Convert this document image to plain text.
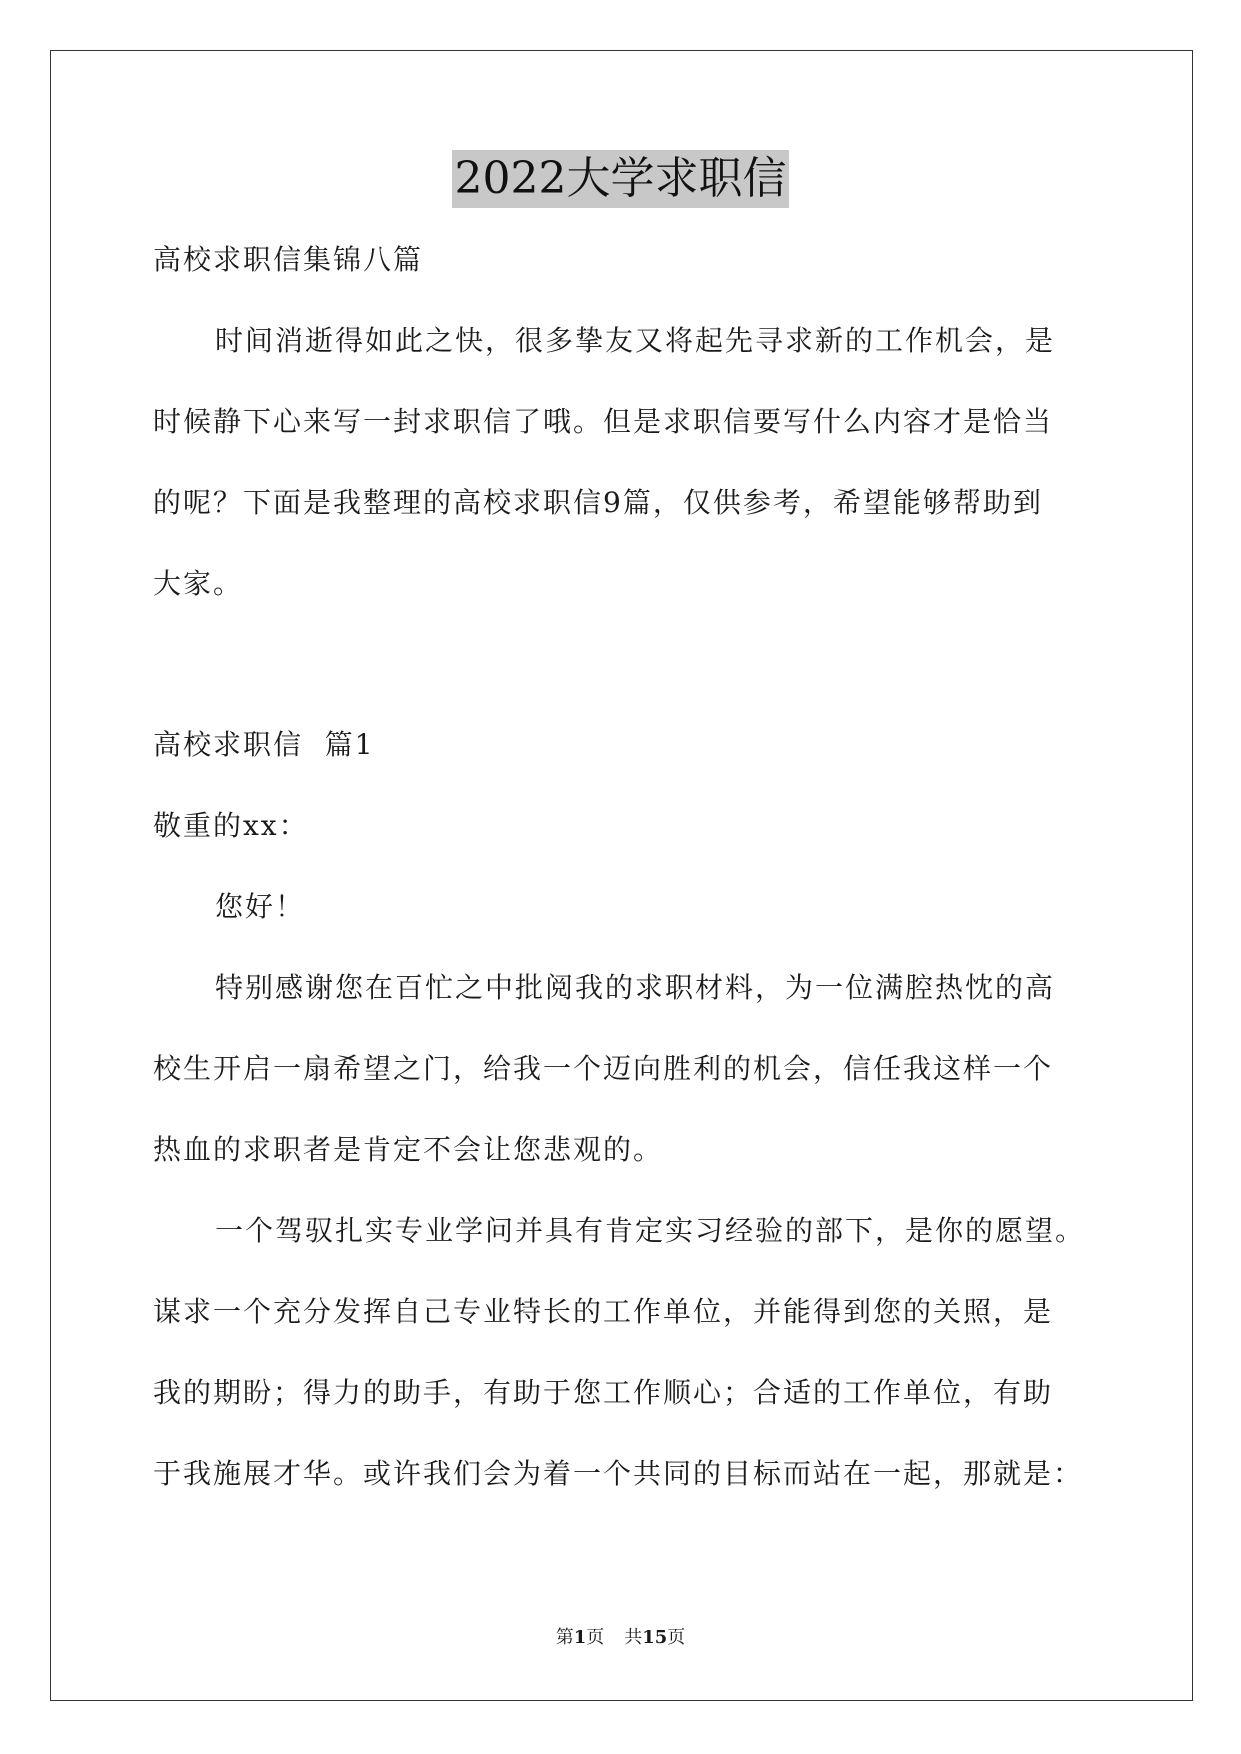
2022大学求职信
高校求职信集锦八篇
时间消逝得如此之快，很多挚友又将起先寻求新的工作机会，是
时候静下心来写一封求职信了哦。但是求职信要写什么内容才是恰当
的呢？下面是我整理的高校求职信9篇，仅供参考，希望能够帮助到
大家。
高校求职信  篇1
敬重的xx：
您好！
特别感谢您在百忙之中批阅我的求职材料，为一位满腔热忱的高
校生开启一扇希望之门，给我一个迈向胜利的机会，信任我这样一个
热血的求职者是肯定不会让您悲观的。
一个驾驭扎实专业学问并具有肯定实习经验的部下，是你的愿望。
谋求一个充分发挥自己专业特长的工作单位，并能得到您的关照，是
我的期盼；得力的助手，有助于您工作顺心；合适的工作单位，有助
于我施展才华。或许我们会为着一个共同的目标而站在一起，那就是：
第1页 共15页
